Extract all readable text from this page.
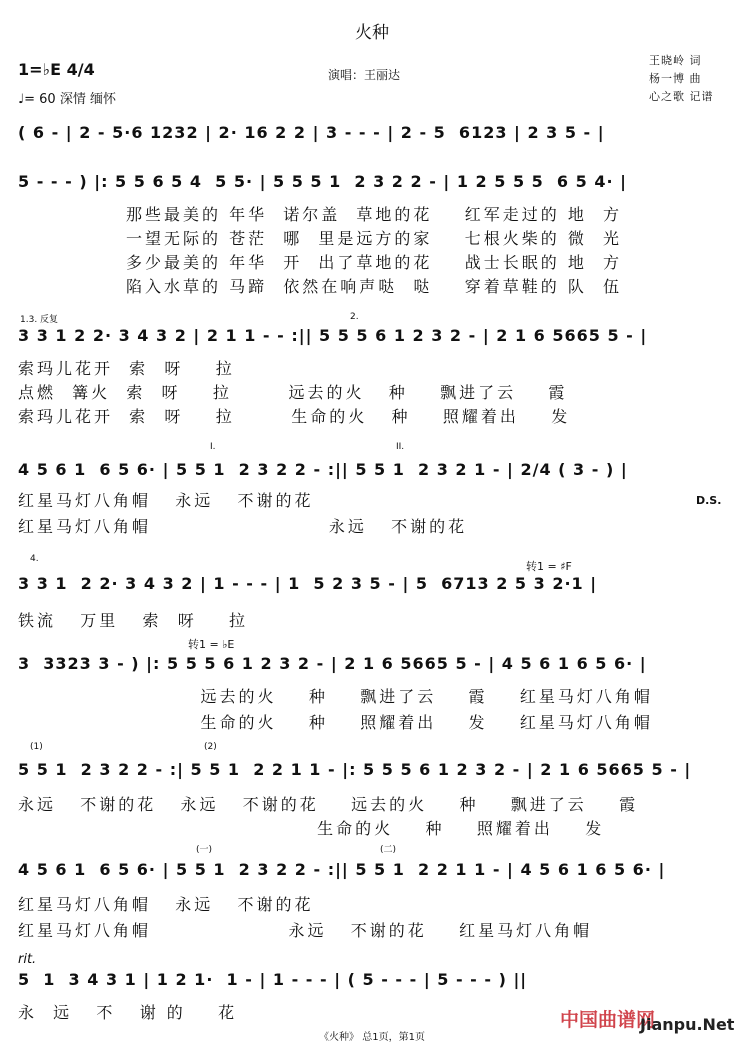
火种
1=♭E 4/4
♩= 60 深情 缅怀
演唱：王丽达
王晓岭 词
杨一博 曲
心之歌 记谱
( 6 - | 2 - 5·6 1232 | 2· 16 2 2 | 3 - - - | 2 - 5  6123 | 2 3 5 - |
5 - - - ) |: 5 5 6 5 4  5 5· | 5 5 5 1  2 3 2 2 - | 1 2 5 5 5  6 5 4· |
那些最美的 年华  诺尔盖  草地的花    红军走过的 地  方
一望无际的 苍茫  哪  里是远方的家    七根火柴的 微  光
多少最美的 年华  开  出了草地的花    战士长眠的 地  方
陷入水草的 马蹄  依然在响声哒  哒    穿着草鞋的 队  伍
1.3. 反复	2.
3 3 1 2 2· 3 4 3 2 | 2 1 1 - - :|| 5 5 5 6 1 2 3 2 - | 2 1 6 5665 5 - |
索玛儿花开  索  呀    拉
点燃  篝火  索  呀    拉       远去的火   种    飘进了云    霞
索玛儿花开  索  呀    拉       生命的火   种    照耀着出    发
I.	II.
4 5 6 1  6 5 6· | 5 5 1  2 3 2 2 - :|| 5 5 1  2 3 2 1 - | 2/4 ( 3 - ) |
D.S.
红星马灯八角帽   永远   不谢的花
红星马灯八角帽                      永远   不谢的花
4.
转1 = ♯F
3 3 1  2 2· 3 4 3 2 | 1 - - - | 1  5 2 3 5 - | 5  6713 2 5 3 2·1 |
铁流   万里   索  呀    拉
转1 = ♭E
3  3323 3 - ) |: 5 5 5 6 1 2 3 2 - | 2 1 6 5665 5 - | 4 5 6 1 6 5 6· |
远去的火    种    飘进了云    霞    红星马灯八角帽
生命的火    种    照耀着出    发    红星马灯八角帽
(1)	(2)
5 5 1  2 3 2 2 - :| 5 5 1  2 2 1 1 - |: 5 5 5 6 1 2 3 2 - | 2 1 6 5665 5 - |
永远   不谢的花   永远   不谢的花    远去的火    种    飘进了云    霞
生命的火    种    照耀着出    发
(一)	(二)
4 5 6 1  6 5 6· | 5 5 1  2 3 2 2 - :|| 5 5 1  2 2 1 1 - | 4 5 6 1 6 5 6· |
红星马灯八角帽   永远   不谢的花
红星马灯八角帽                 永远   不谢的花    红星马灯八角帽
rit.
5  1  3 4 3 1 | 1 2 1·  1 - | 1 - - - | ( 5 - - - | 5 - - - ) ||
永  远   不   谢 的    花	中国曲谱网
Jianpu.Net
《火种》 总1页，第1页
